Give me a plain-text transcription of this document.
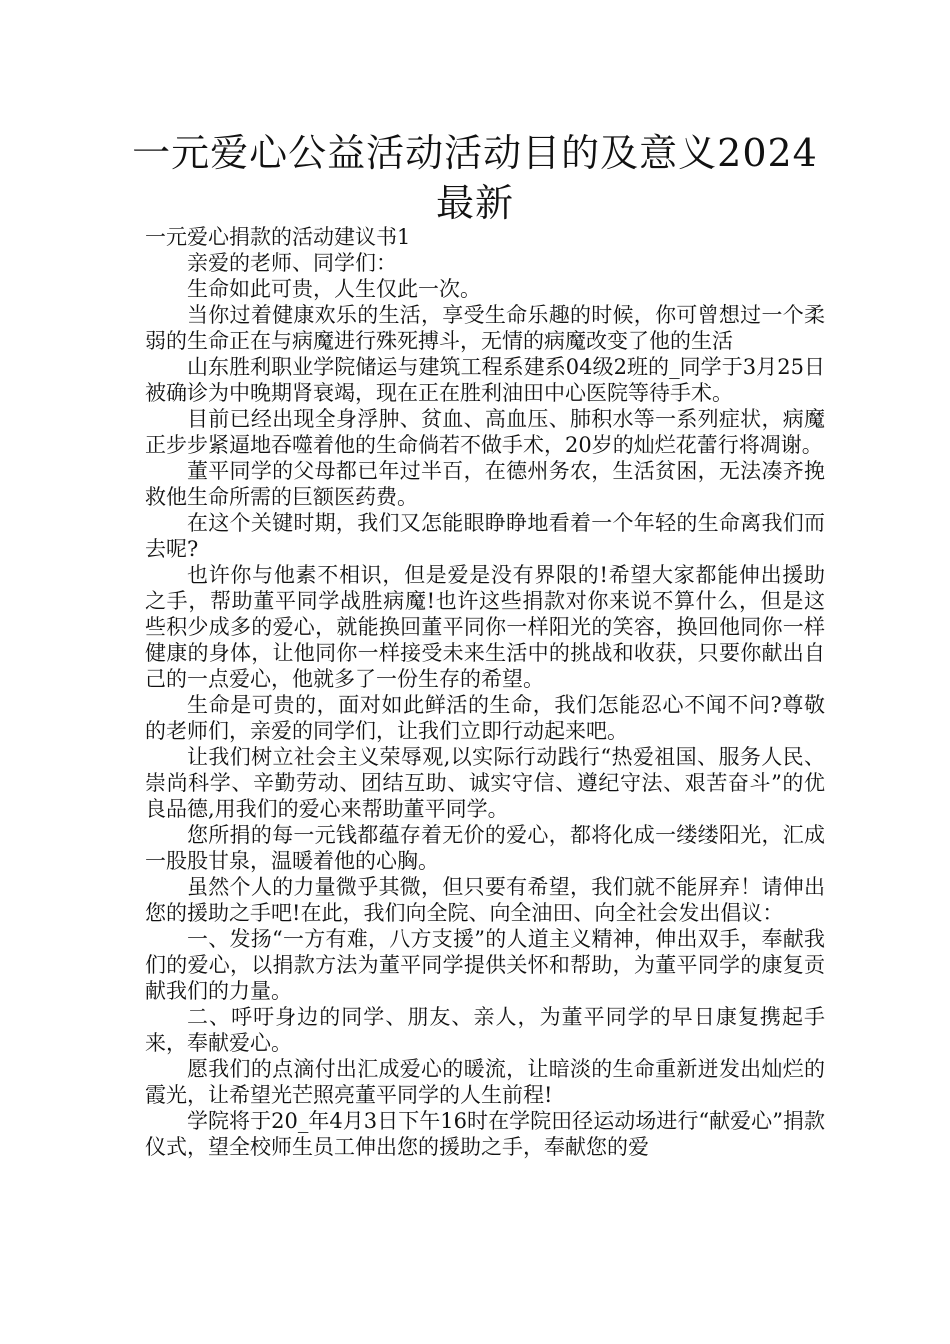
一元爱心公益活动活动目的及意义2024最新

一元爱心捐款的活动建议书1

亲爱的老师、同学们：

生命如此可贵，人生仅此一次。

当你过着健康欢乐的生活，享受生命乐趣的时候，你可曾想过一个柔弱的生命正在与病魔进行殊死搏斗，无情的病魔改变了他的生活

山东胜利职业学院储运与建筑工程系建系04级2班的_同学于3月25日被确诊为中晚期肾衰竭，现在正在胜利油田中心医院等待手术。

目前已经出现全身浮肿、贫血、高血压、肺积水等一系列症状，病魔正步步紧逼地吞噬着他的生命倘若不做手术，20岁的灿烂花蕾行将凋谢。

董平同学的父母都已年过半百，在德州务农，生活贫困，无法凑齐挽救他生命所需的巨额医药费。

在这个关键时期，我们又怎能眼睁睁地看着一个年轻的生命离我们而去呢?

也许你与他素不相识，但是爱是没有界限的!希望大家都能伸出援助之手，帮助董平同学战胜病魔!也许这些捐款对你来说不算什么，但是这些积少成多的爱心，就能换回董平同你一样阳光的笑容，换回他同你一样健康的身体，让他同你一样接受未来生活中的挑战和收获，只要你献出自己的一点爱心，他就多了一份生存的希望。

生命是可贵的，面对如此鲜活的生命，我们怎能忍心不闻不问?尊敬的老师们，亲爱的同学们，让我们立即行动起来吧。

让我们树立社会主义荣辱观,以实际行动践行“热爱祖国、服务人民、崇尚科学、辛勤劳动、团结互助、诚实守信、遵纪守法、艰苦奋斗”的优良品德,用我们的爱心来帮助董平同学。

您所捐的每一元钱都蕴存着无价的爱心，都将化成一缕缕阳光，汇成一股股甘泉，温暖着他的心胸。

虽然个人的力量微乎其微，但只要有希望，我们就不能屏弃！请伸出您的援助之手吧!在此，我们向全院、向全油田、向全社会发出倡议：

一、发扬“一方有难，八方支援”的人道主义精神，伸出双手，奉献我们的爱心，以捐款方法为董平同学提供关怀和帮助，为董平同学的康复贡献我们的力量。

二、呼吁身边的同学、朋友、亲人，为董平同学的早日康复携起手来，奉献爱心。

愿我们的点滴付出汇成爱心的暖流，让暗淡的生命重新迸发出灿烂的霞光，让希望光芒照亮董平同学的人生前程!

学院将于20_年4月3日下午16时在学院田径运动场进行“献爱心”捐款仪式，望全校师生员工伸出您的援助之手，奉献您的爱
